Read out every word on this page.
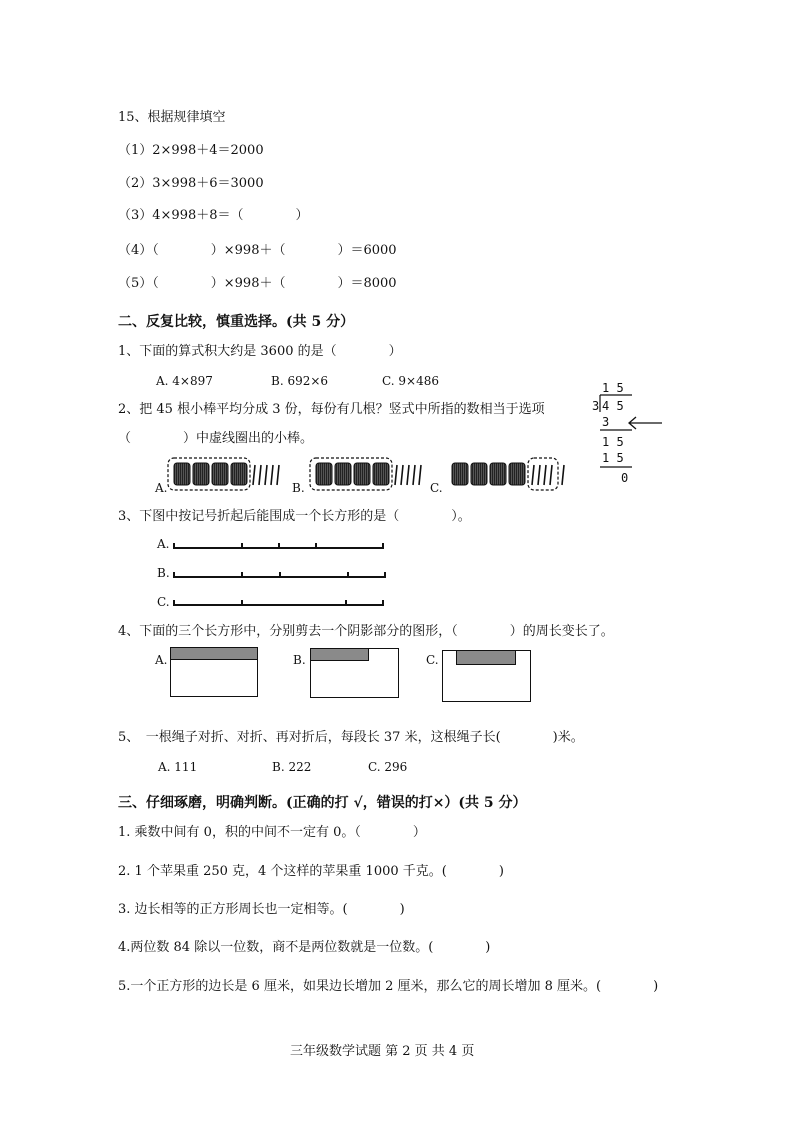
15、根据规律填空
（1）2×998＋4＝2000
（2）3×998＋6＝3000
（3）4×998＋8＝（　　　　）
（4）（　　　　）×998＋（　　　　）＝6000
（5）（　　　　）×998＋（　　　　）＝8000
二、反复比较，慎重选择。(共 5 分）
1、下面的算式积大约是 3600 的是（　　　　）
A. 4×897	B. 692×6	C. 9×486
2、把 45 根小棒平均分成 3 份，每份有几根？竖式中所指的数相当于选项
（　　　　）中虚线圈出的小棒。
1 5
3 4 5
3
1 5
1 5
0
A.	B.	C.
3、下图中按记号折起后能围成一个长方形的是（　　　　）。
A.
B.
C.
4、下面的三个长方形中，分别剪去一个阴影部分的图形，（　　　　）的周长变长了。
A.	B.	C.
5、　一根绳子对折、对折、再对折后，每段长 37 米，这根绳子长(　　　　)米。
A. 111	B. 222	C. 296
三、仔细琢磨，明确判断。(正确的打 √，错误的打×）(共 5 分）
1. 乘数中间有 0，积的中间不一定有 0。（　　　　）
2. 1 个苹果重 250 克，4 个这样的苹果重 1000 千克。(　　　　)
3. 边长相等的正方形周长也一定相等。(　　　　)
4.两位数 84 除以一位数，商不是两位数就是一位数。(　　　　)
5.一个正方形的边长是 6 厘米，如果边长增加 2 厘米，那么它的周长增加 8 厘米。(　　　　)
三年级数学试题 第 2 页 共 4 页
